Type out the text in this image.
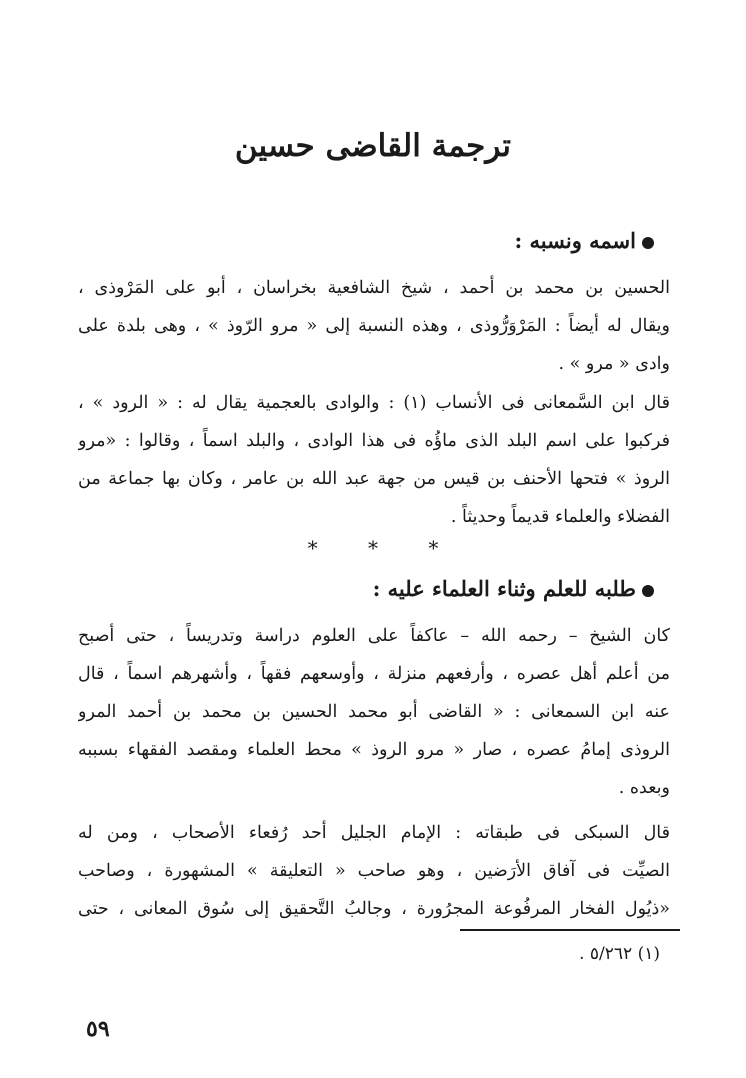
ترجمة القاضى حسين
اسمه ونسبه :
الحسين بن محمد بن أحمد ، شيخ الشافعية بخراسان ، أبو على المَرْوذى ،
ويقال له أيضاً : المَرْوَرُّوذى ، وهذه النسبة إلى « مرو الرّوذ » ، وهى بلدة على
وادى « مرو » .
قال ابن السَّمعانى فى الأنساب (١) : والوادى بالعجمية يقال له : « الرود » ،
فركبوا على اسم البلد الذى ماؤُه فى هذا الوادى ، والبلد اسماً ، وقالوا : «مرو
الروذ » فتحها الأحنف بن قيس من جهة عبد الله بن عامر ، وكان بها جماعة من
الفضلاء والعلماء قديماً وحديثاً .
*	*	*
طلبه للعلم وثناء العلماء عليه :
كان الشيخ – رحمه الله – عاكفاً على العلوم دراسة وتدريساً ، حتى أصبح
من أعلم أهل عصره ، وأرفعهم منزلة ، وأوسعهم فقهاً ، وأشهرهم اسماً ، قال
عنه ابن السمعانى : « القاضى أبو محمد الحسين بن محمد بن أحمد المرو
الروذى إمامُ عصره ، صار « مرو الروذ » محط العلماء ومقصد الفقهاء بسببه
وبعده .
قال السبكى فى طبقاته : الإمام الجليل أحد رُفعاء الأصحاب ، ومن له
الصيِّت فى آفاق الأرَضين ، وهو صاحب « التعليقة » المشهورة ، وصاحب
«ذيُول الفخار المرفُوعة المجرُورة ، وجالبُ التَّحقيق إلى سُوق المعانى ، حتى
(١) ٥/٢٦٢ .
٥٩
